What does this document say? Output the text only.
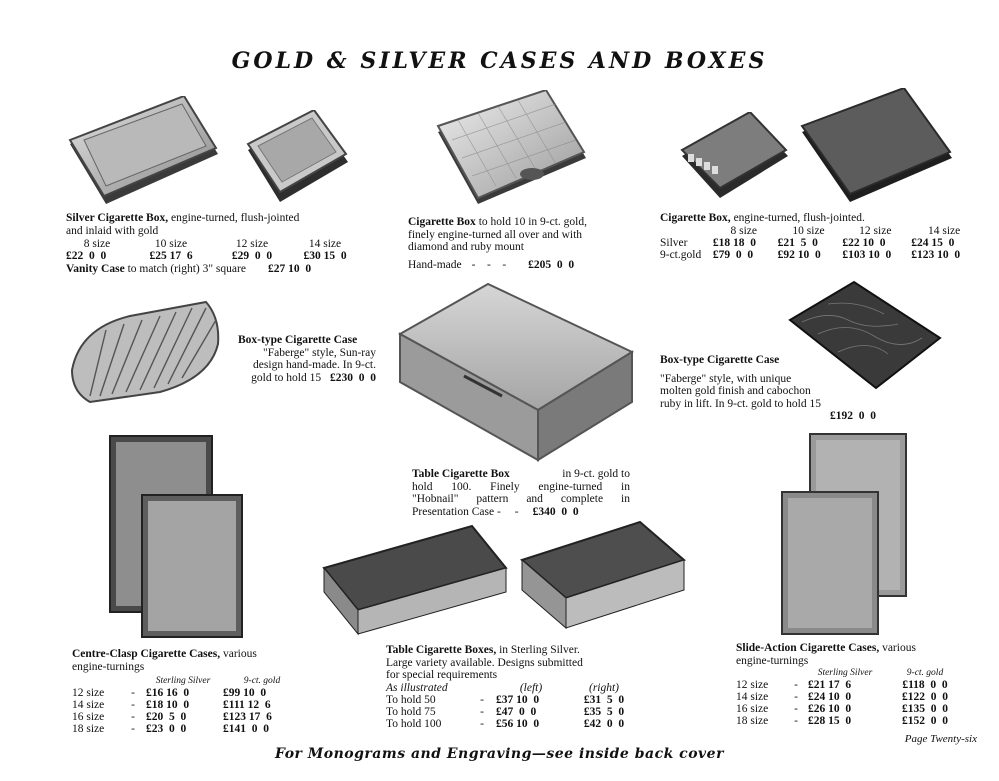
GOLD & SILVER CASES AND BOXES
Silver Cigarette Box, engine-turned, flush-jointed
and inlaid with gold
8 size	10 size	12 size	14 size
£22  0  0	£25 17  6	£29  0  0	£30 15  0
Vanity Case to match (right) 3" square £27 10  0
Cigarette Box to hold 10 in 9-ct. gold,
finely engine-turned all over and with
diamond and ruby mount
Hand-made -    -    - £205  0  0
Cigarette Box, engine-turned, flush-jointed.
	8 size	10 size	12 size	14 size
Silver	£18 18  0	£21  5  0	£22 10  0	£24 15  0
9-ct.gold	£79  0  0	£92 10  0	£103 10  0	£123 10  0
Box-type Cigarette Case
"Faberge" style, Sun-ray
design hand-made. In 9-ct.
gold to hold 15 £230  0  0
Box-type Cigarette Case
"Faberge" style, with unique
molten gold finish and cabochon
ruby in lift. In 9-ct. gold to hold 15
£192  0  0
Table Cigarette Box	in 9-ct. gold to
hold 100. Finely engine-turned in
"Hobnail" pattern and complete in
Presentation Case - - £340  0  0
Centre-Clasp Cigarette Cases, various
engine-turnings
		Sterling Silver	9-ct. gold
12 size	-	£16 16  0	£99 10  0
14 size	-	£18 10  0	£111 12  6
16 size	-	£20  5  0	£123 17  6
18 size	-	£23  0  0	£141  0  0
Table Cigarette Boxes, in Sterling Silver.
Large variety available. Designs submitted
for special requirements
As illustrated		(left)	(right)
To hold 50	-	£37 10  0	£31  5  0
To hold 75	-	£47  0  0	£35  5  0
To hold 100	-	£56 10  0	£42  0  0
Slide-Action Cigarette Cases, various
engine-turnings
		Sterling Silver	9-ct. gold
12 size	-	£21 17  6	£118  0  0
14 size	-	£24 10  0	£122  0  0
16 size	-	£26 10  0	£135  0  0
18 size	-	£28 15  0	£152  0  0
Page Twenty-six
For Monograms and Engraving—see inside back cover
